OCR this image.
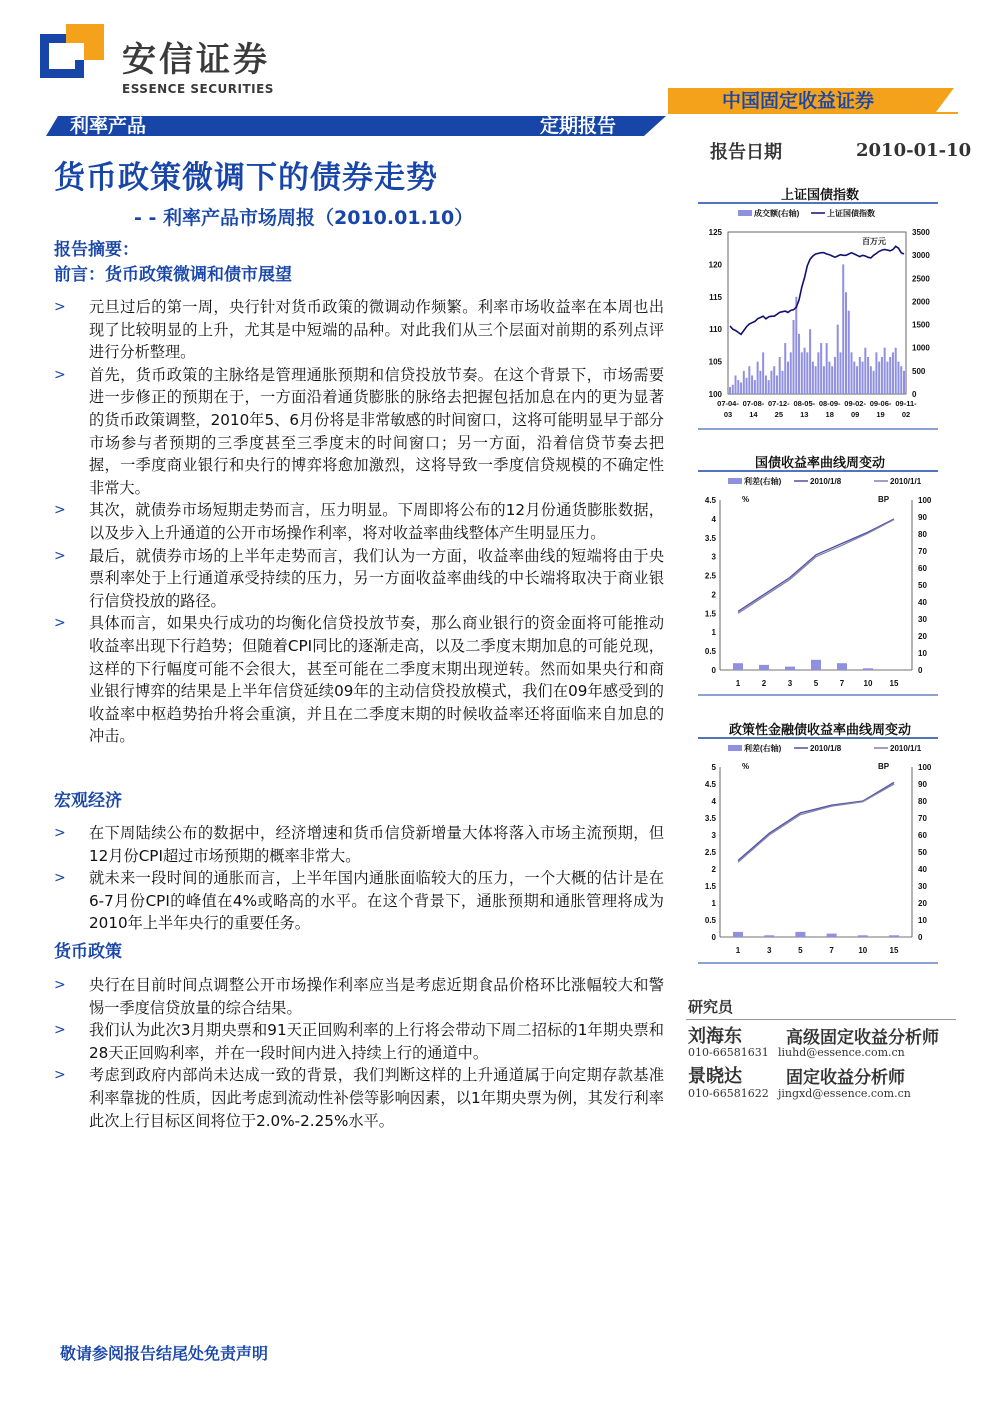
安信证券
ESSENCE SECURITIES
中国固定收益证券
利率产品	定期报告
报告日期	2010-01-10
货币政策微调下的债券走势
- - 利率产品市场周报（2010.01.10）
报告摘要：
前言：货币政策微调和债市展望
> 元旦过后的第一周，央行针对货币政策的微调动作频繁。利率市场收益率在本周也出现了比较明显的上升，尤其是中短端的品种。对此我们从三个层面对前期的系列点评进行分析整理。
> 首先，货币政策的主脉络是管理通胀预期和信贷投放节奏。在这个背景下，市场需要进一步修正的预期在于，一方面沿着通货膨胀的脉络去把握包括加息在内的更为显著的货币政策调整，2010年5、6月份将是非常敏感的时间窗口，这将可能明显早于部分市场参与者预期的三季度甚至三季度末的时间窗口；另一方面，沿着信贷节奏去把握，一季度商业银行和央行的博弈将愈加激烈，这将导致一季度信贷规模的不确定性非常大。
> 其次，就债券市场短期走势而言，压力明显。下周即将公布的12月份通货膨胀数据，以及步入上升通道的公开市场操作利率，将对收益率曲线整体产生明显压力。
> 最后，就债券市场的上半年走势而言，我们认为一方面，收益率曲线的短端将由于央票利率处于上行通道承受持续的压力，另一方面收益率曲线的中长端将取决于商业银行信贷投放的路径。
> 具体而言，如果央行成功的均衡化信贷投放节奏，那么商业银行的资金面将可能推动收益率出现下行趋势；但随着CPI同比的逐渐走高，以及二季度末期加息的可能兑现，这样的下行幅度可能不会很大，甚至可能在二季度末期出现逆转。然而如果央行和商业银行博弈的结果是上半年信贷延续09年的主动信贷投放模式，我们在09年感受到的收益率中枢趋势抬升将会重演，并且在二季度末期的时候收益率还将面临来自加息的冲击。
宏观经济
> 在下周陆续公布的数据中，经济增速和货币信贷新增量大体将落入市场主流预期，但12月份CPI超过市场预期的概率非常大。
> 就未来一段时间的通胀而言，上半年国内通胀面临较大的压力，一个大概的估计是在6-7月份CPI的峰值在4%或略高的水平。在这个背景下，通胀预期和通胀管理将成为2010年上半年央行的重要任务。
货币政策
> 央行在目前时间点调整公开市场操作利率应当是考虑近期食品价格环比涨幅较大和警惕一季度信贷放量的综合结果。
> 我们认为此次3月期央票和91天正回购利率的上行将会带动下周二招标的1年期央票和28天正回购利率，并在一段时间内进入持续上行的通道中。
> 考虑到政府内部尚未达成一致的背景，我们判断这样的上升通道属于向定期存款基准利率靠拢的性质，因此考虑到流动性补偿等影响因素，以1年期央票为例，其发行利率此次上行目标区间将位于2.0%-2.25%水平。
上证国债指数
成交额(右轴)	上证国债指数
百万元
100
105
110
115
120
125
0
500
1000
1500
2000
2500
3000
3500
07-04-
03
07-08-
14
07-12-
25
08-05-
13
08-09-
18
09-02-
09
09-06-
19
09-11-
02
国债收益率曲线周变动
利差(右轴)	2010/1/8	2010/1/1
%	BP
0
0.5
1
1.5
2
2.5
3
3.5
4
4.5
0
10
20
30
40
50
60
70
80
90
100
1	2	3	5	7 10 15
政策性金融债收益率曲线周变动
利差(右轴)	2010/1/8	2010/1/1
%	BP
0
0.5
1
1.5
2
2.5
3
3.5
4
4.5
5
0
10
20
30
40
50
60
70
80
90
100
1	3	5	7	10	15
研究员
刘海东	高级固定收益分析师
010-66581631 liuhd@essence.com.cn
景晓达	固定收益分析师
010-66581622 jingxd@essence.com.cn
敬请参阅报告结尾处免责声明
